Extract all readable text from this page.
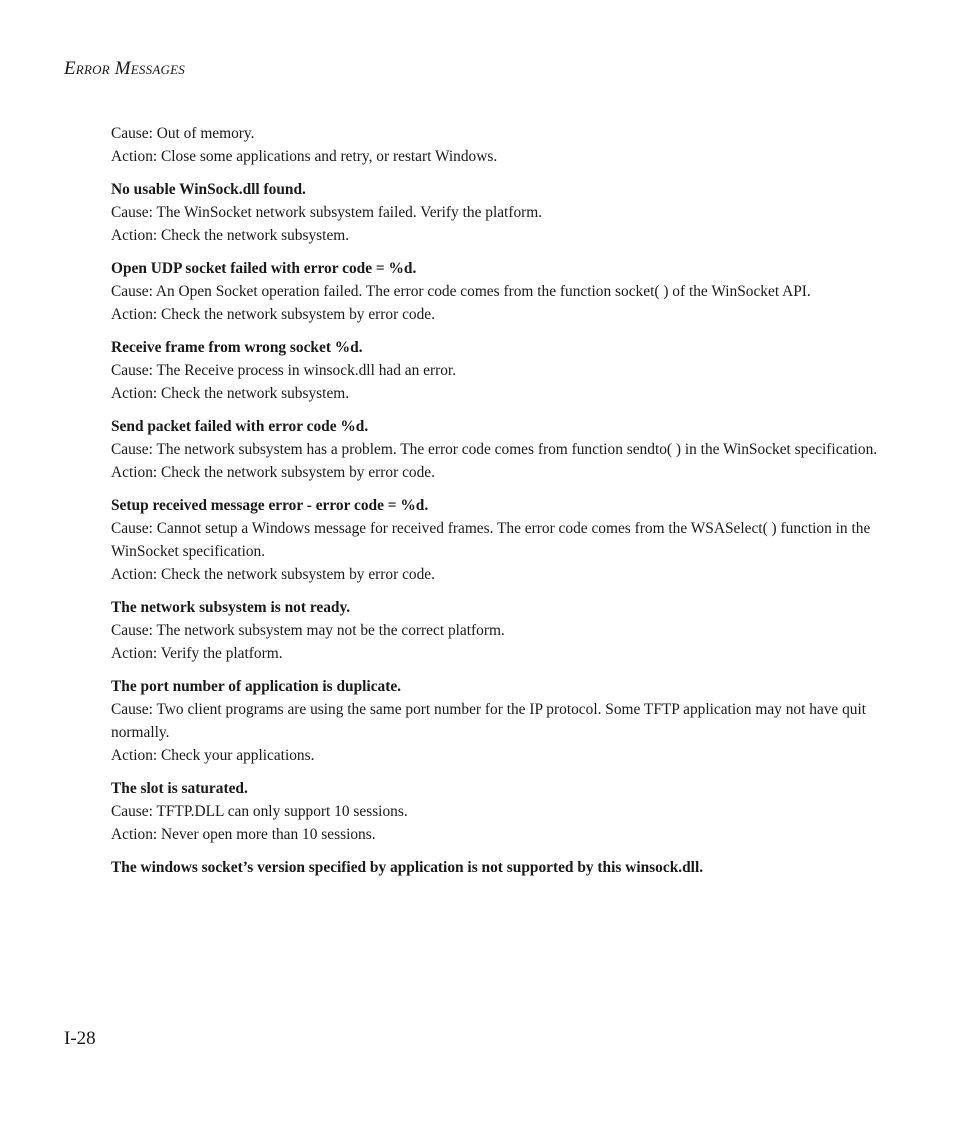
Error Messages

Cause: Out of memory.

Action: Close some applications and retry, or restart Windows.

No usable WinSock.dll found.

Cause: The WinSocket network subsystem failed. Verify the platform.

Action: Check the network subsystem.

Open UDP socket failed with error code = %d.

Cause: An Open Socket operation failed. The error code comes from the function socket( ) of the WinSocket API.

Action: Check the network subsystem by error code.

Receive frame from wrong socket %d.

Cause: The Receive process in winsock.dll had an error.

Action: Check the network subsystem.

Send packet failed with error code %d.

Cause: The network subsystem has a problem. The error code comes from function sendto( ) in the WinSocket specification.

Action: Check the network subsystem by error code.

Setup received message error - error code = %d.

Cause: Cannot setup a Windows message for received frames. The error code comes from the WSASelect( ) function in the WinSocket specification.

Action: Check the network subsystem by error code.

The network subsystem is not ready.

Cause: The network subsystem may not be the correct platform.

Action: Verify the platform.

The port number of application is duplicate.

Cause: Two client programs are using the same port number for the IP protocol. Some TFTP application may not have quit normally.

Action: Check your applications.

The slot is saturated.

Cause: TFTP.DLL can only support 10 sessions.

Action: Never open more than 10 sessions.

The windows socket’s version specified by application is not supported by this winsock.dll.

I-28
